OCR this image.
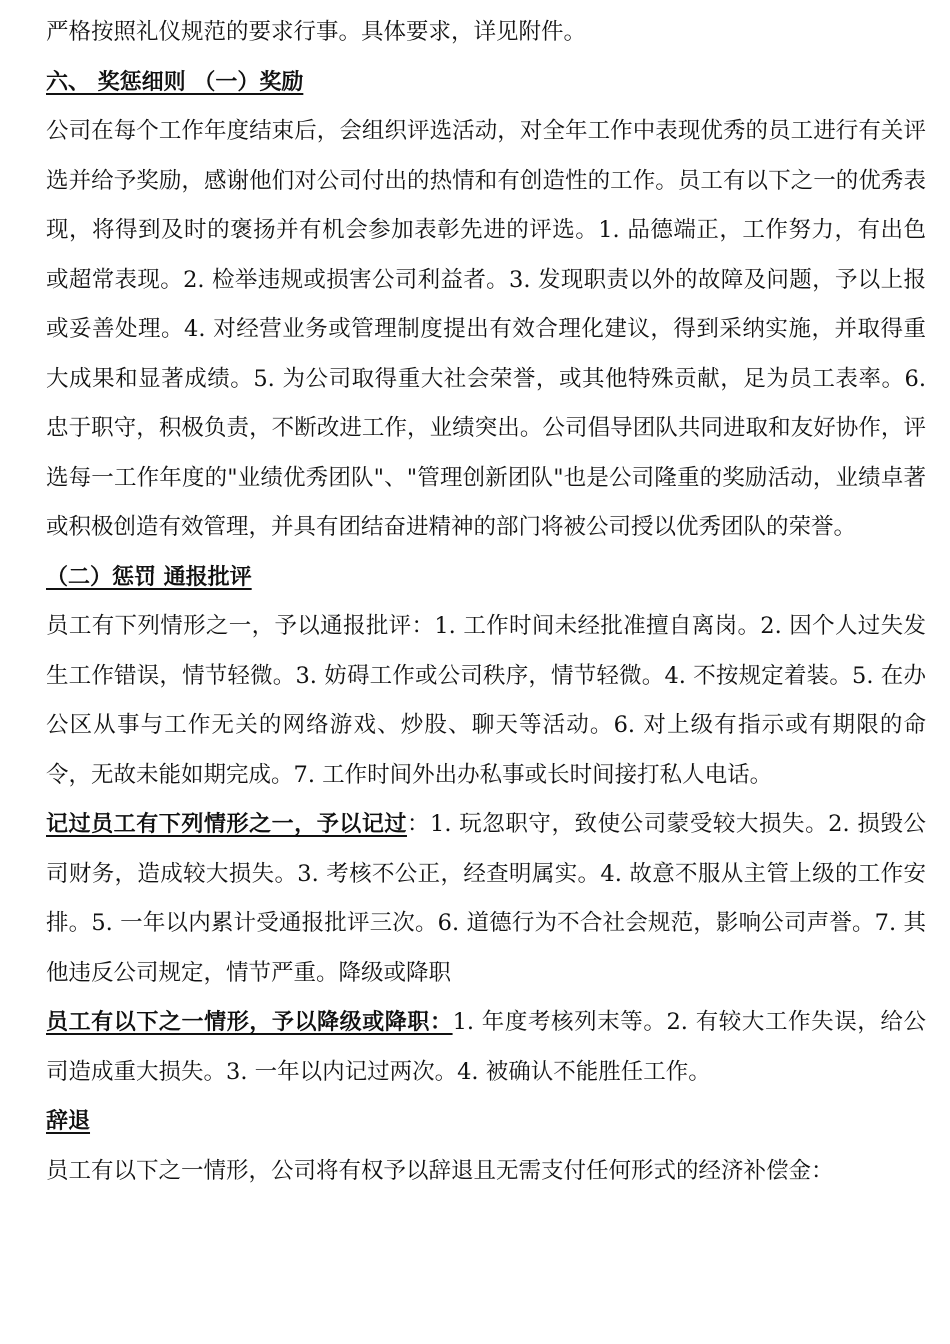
严格按照礼仪规范的要求行事。具体要求，详见附件。

六、 奖惩细则 （一）奖励

公司在每个工作年度结束后，会组织评选活动，对全年工作中表现优秀的员工进行有关评选并给予奖励，感谢他们对公司付出的热情和有创造性的工作。员工有以下之一的优秀表现，将得到及时的褒扬并有机会参加表彰先进的评选。1. 品德端正，工作努力，有出色或超常表现。2. 检举违规或损害公司利益者。3. 发现职责以外的故障及问题，予以上报或妥善处理。4. 对经营业务或管理制度提出有效合理化建议，得到采纳实施，并取得重大成果和显著成绩。5. 为公司取得重大社会荣誉，或其他特殊贡献，足为员工表率。6. 忠于职守，积极负责，不断改进工作，业绩突出。公司倡导团队共同进取和友好协作，评选每一工作年度的"业绩优秀团队"、"管理创新团队"也是公司隆重的奖励活动，业绩卓著或积极创造有效管理，并具有团结奋进精神的部门将被公司授以优秀团队的荣誉。

（二）惩罚 通报批评

员工有下列情形之一，予以通报批评：1. 工作时间未经批准擅自离岗。2. 因个人过失发生工作错误，情节轻微。3. 妨碍工作或公司秩序，情节轻微。4. 不按规定着装。5. 在办公区从事与工作无关的网络游戏、炒股、聊天等活动。6. 对上级有指示或有期限的命令，无故未能如期完成。7. 工作时间外出办私事或长时间接打私人电话。

记过员工有下列情形之一，予以记过：1. 玩忽职守，致使公司蒙受较大损失。2. 损毁公司财务，造成较大损失。3. 考核不公正，经查明属实。4. 故意不服从主管上级的工作安排。5. 一年以内累计受通报批评三次。6. 道德行为不合社会规范，影响公司声誉。7. 其他违反公司规定，情节严重。降级或降职

员工有以下之一情形，予以降级或降职：1. 年度考核列末等。2. 有较大工作失误，给公司造成重大损失。3. 一年以内记过两次。4. 被确认不能胜任工作。

辞退

员工有以下之一情形，公司将有权予以辞退且无需支付任何形式的经济补偿金：
